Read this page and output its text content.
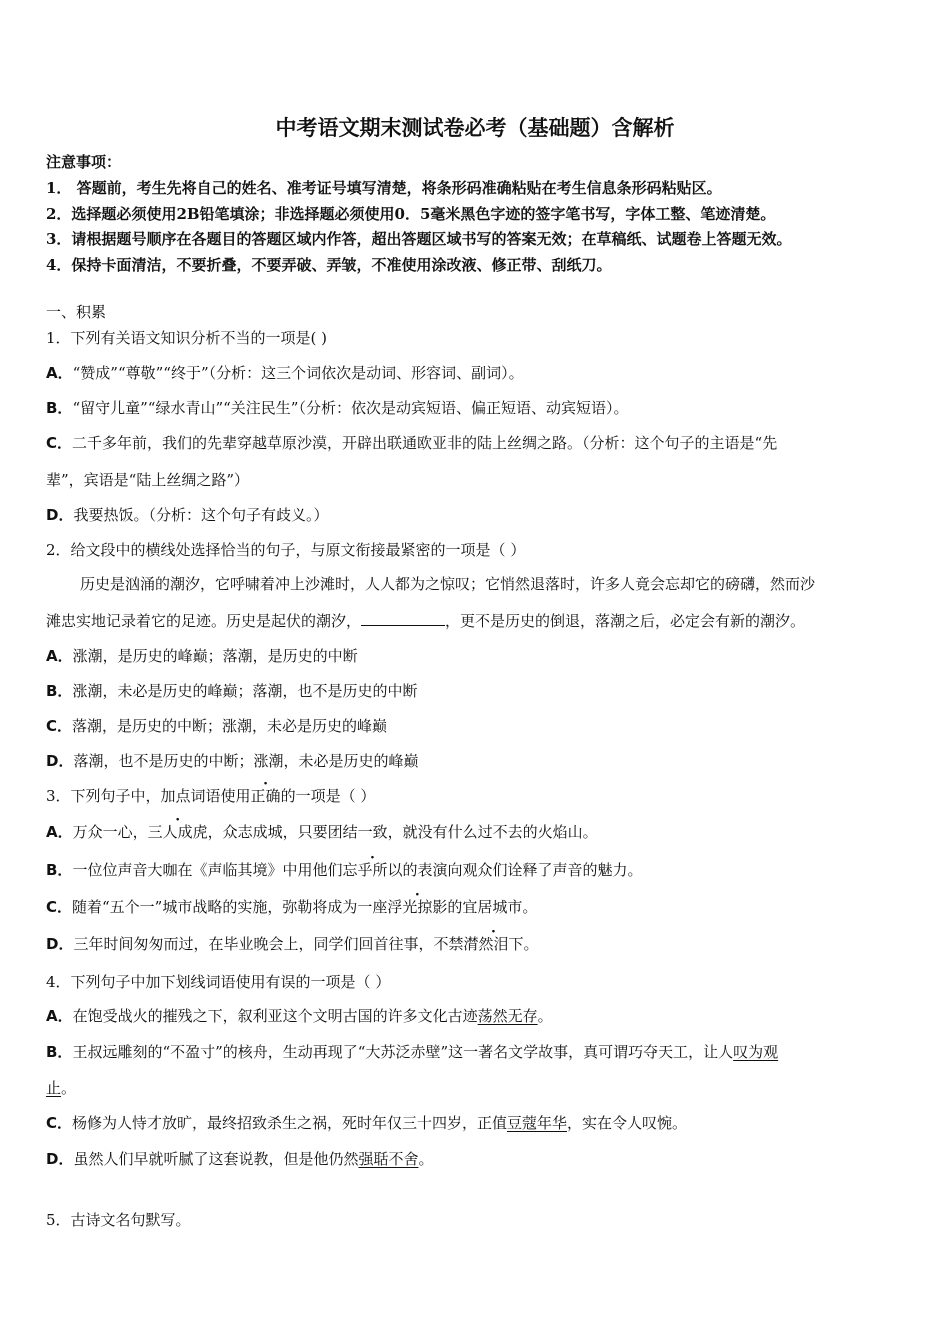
中考语文期末测试卷必考（基础题）含解析
注意事项：
1． 答题前，考生先将自己的姓名、准考证号填写清楚，将条形码准确粘贴在考生信息条形码粘贴区。
2．选择题必须使用2B铅笔填涂；非选择题必须使用0．5毫米黑色字迹的签字笔书写，字体工整、笔迹清楚。
3．请根据题号顺序在各题目的答题区域内作答，超出答题区域书写的答案无效；在草稿纸、试题卷上答题无效。
4．保持卡面清洁，不要折叠，不要弄破、弄皱，不准使用涂改液、修正带、刮纸刀。
一、积累
1．下列有关语文知识分析不当的一项是( )
A．“赞成”“尊敬”“终于”（分析：这三个词依次是动词、形容词、副词）。
B．“留守儿童”“绿水青山”“关注民生”（分析：依次是动宾短语、偏正短语、动宾短语）。
C．二千多年前，我们的先辈穿越草原沙漠，开辟出联通欧亚非的陆上丝绸之路。（分析：这个句子的主语是“先
辈”，宾语是“陆上丝绸之路”）
D．我要热饭。（分析：这个句子有歧义。）
2．给文段中的横线处选择恰当的句子，与原文衔接最紧密的一项是（ ）
历史是汹涌的潮汐，它呼啸着冲上沙滩时，人人都为之惊叹；它悄然退落时，许多人竟会忘却它的磅礴，然而沙
滩忠实地记录着它的足迹。历史是起伏的潮汐，	，更不是历史的倒退，落潮之后，必定会有新的潮汐。
A．涨潮，是历史的峰巅；落潮，是历史的中断
B．涨潮，未必是历史的峰巅；落潮，也不是历史的中断
C．落潮，是历史的中断；涨潮，未必是历史的峰巅
D．落潮，也不是历史的中断；涨潮，未必是历史的峰巅
3．下列句子中，加点词语使用正确的一项是（ ）
A．万众一心，三人成虎，众志成城，只要团结一致，就没有什么过不去的火焰山。
B．一位位声音大咖在《声临其境》中用他们忘乎所以的表演向观众们诠释了声音的魅力。
C．随着“五个一”城市战略的实施，弥勒将成为一座浮光掠影的宜居城市。
D．三年时间匆匆而过，在毕业晚会上，同学们回首往事，不禁潸然泪下。
4．下列句子中加下划线词语使用有误的一项是（ ）
A．在饱受战火的摧残之下，叙利亚这个文明古国的许多文化古迹荡然无存。
B．王叔远雕刻的“不盈寸”的核舟，生动再现了“大苏泛赤壁”这一著名文学故事，真可谓巧夺天工，让人叹为观
止。
C．杨修为人恃才放旷，最终招致杀生之祸，死时年仅三十四岁，正值豆蔻年华，实在令人叹惋。
D．虽然人们早就听腻了这套说教，但是他仍然强聒不舍。
5．古诗文名句默写。
